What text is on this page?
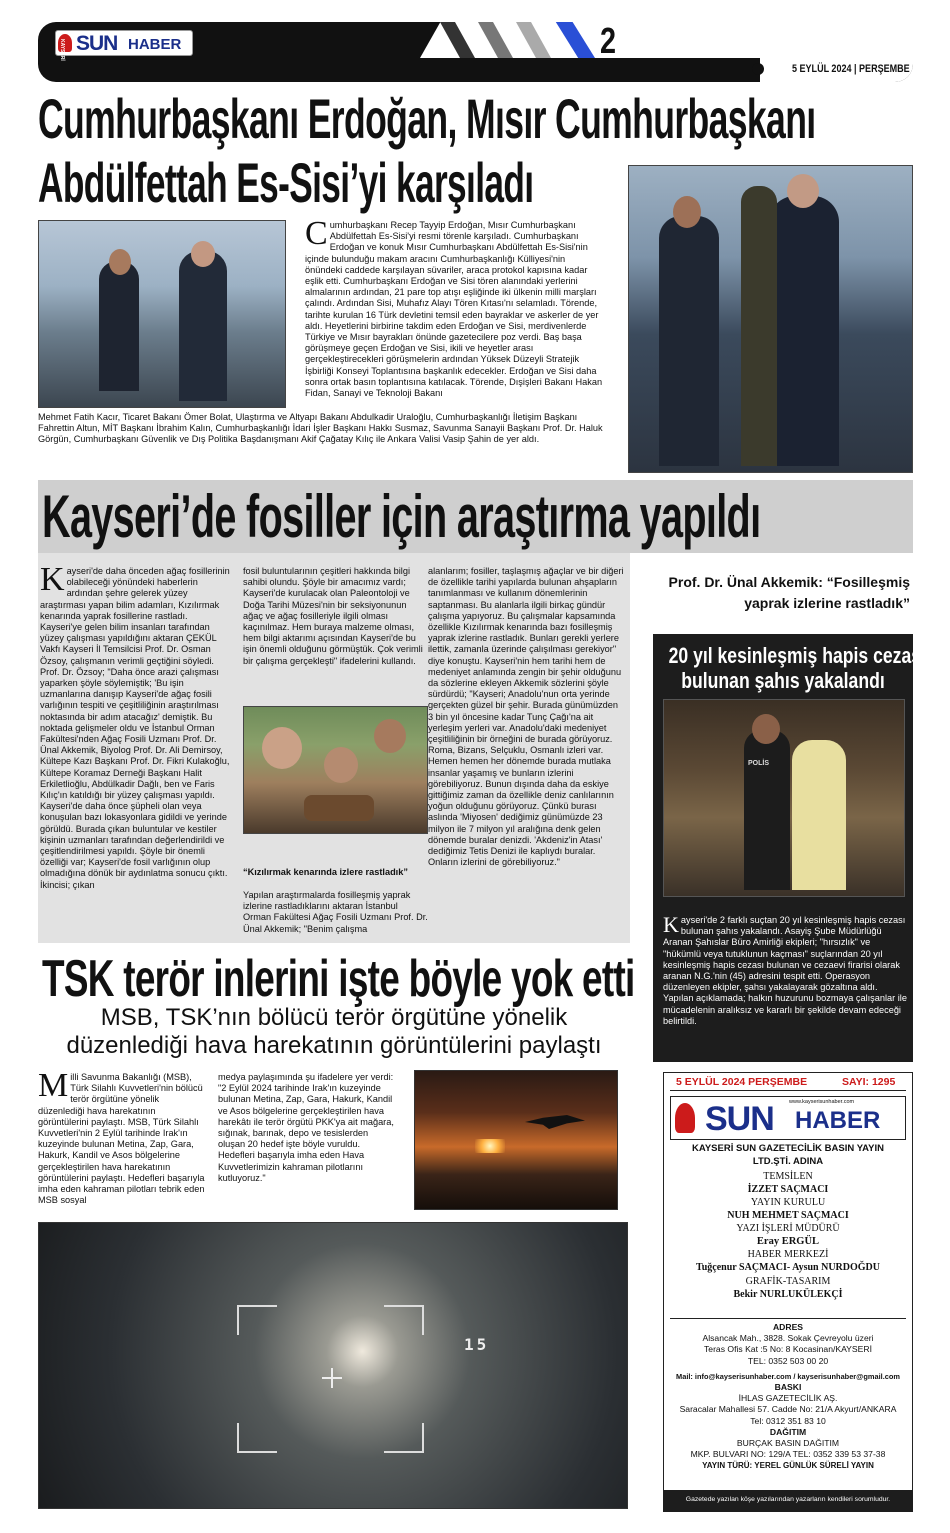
KAYSERİ SUN HABER	2
5 EYLÜL 2024 | PERŞEMBE
Cumhurbaşkanı Erdoğan, Mısır Cumhurbaşkanı
Abdülfettah Es-Sisi’yi karşıladı
C umhurbaşkanı Recep Tayyip Erdoğan, Mısır Cumhurbaşkanı Abdülfettah Es-Sisi'yi resmi törenle karşıladı. Cumhurbaşkanı Erdoğan ve konuk Mısır Cumhurbaşkanı Abdülfettah Es-Sisi'nin içinde bulunduğu makam aracını Cumhurbaşkanlığı Külliyesi'nin önündeki caddede karşılayan süvariler, araca protokol kapısına kadar eşlik etti. Cumhurbaşkanı Erdoğan ve Sisi tören alanındaki yerlerini almalarının ardından, 21 pare top atışı eşliğinde iki ülkenin milli marşları çalındı. Ardından Sisi, Muhafız Alayı Tören Kıtası'nı selamladı. Törende, tarihte kurulan 16 Türk devletini temsil eden bayraklar ve askerler de yer aldı. Heyetlerini birbirine takdim eden Erdoğan ve Sisi, merdivenlerde Türkiye ve Mısır bayrakları önünde gazetecilere poz verdi. Baş başa görüşmeye geçen Erdoğan ve Sisi, ikili ve heyetler arası gerçekleştirecekleri görüşmelerin ardından Yüksek Düzeyli Stratejik İşbirliği Konseyi Toplantısına başkanlık edecekler. Erdoğan ve Sisi daha sonra ortak basın toplantısına katılacak. Törende, Dışişleri Bakanı Hakan Fidan, Sanayi ve Teknoloji Bakanı
Mehmet Fatih Kacır, Ticaret Bakanı Ömer Bolat, Ulaştırma ve Altyapı Bakanı Abdulkadir Uraloğlu, Cumhurbaşkanlığı İletişim Başkanı Fahrettin Altun, MİT Başkanı İbrahim Kalın, Cumhurbaşkanlığı İdari İşler Başkanı Hakkı Susmaz, Savunma Sanayii Başkanı Prof. Dr. Haluk Görgün, Cumhurbaşkanı Güvenlik ve Dış Politika Başdanışmanı Akif Çağatay Kılıç ile Ankara Valisi Vasip Şahin de yer aldı.
Kayseri’de fosiller için araştırma yapıldı
K ayseri'de daha önceden ağaç fosillerinin olabileceği yönündeki haberlerin ardından şehre gelerek yüzey araştırması yapan bilim adamları, Kızılırmak kenarında yaprak fosillerine rastladı. Kayseri'ye gelen bilim insanları tarafından yüzey çalışması yapıldığını aktaran ÇEKÜL Vakfı Kayseri İl Temsilcisi Prof. Dr. Osman Özsoy, çalışmanın verimli geçtiğini söyledi. Prof. Dr. Özsoy; "Daha önce arazi çalışması yaparken şöyle söylemiştik; 'Bu işin uzmanlarına danışıp Kayseri'de ağaç fosili varlığının tespiti ve çeşitliliğinin araştırılması noktasında bir adım atacağız' demiştik. Bu noktada gelişmeler oldu ve İstanbul Orman Fakültesi'nden Ağaç Fosili Uzmanı Prof. Dr. Ünal Akkemik, Biyolog Prof. Dr. Ali Demirsoy, Kültepe Kazı Başkanı Prof. Dr. Fikri Kulakoğlu, Kültepe Koramaz Derneği Başkanı Halit Erkiletlioğlu, Abdülkadir Dağlı, ben ve Faris Kılıç'ın katıldığı bir yüzey çalışması yapıldı. Kayseri'de daha önce şüpheli olan veya konuşulan bazı lokasyonlara gidildi ve yerinde görüldü. Burada çıkan buluntular ve kestiler kişinin uzmanları tarafından değerlendirildi ve çeşitlendirilmesi yapıldı. Şöyle bir önemli özelliği var; Kayseri'de fosil varlığının olup olmadığına dönük bir aydınlatma sonucu çıktı. İkincisi; çıkan
fosil buluntularının çeşitleri hakkında bilgi sahibi olundu. Şöyle bir amacımız vardı; Kayseri'de kurulacak olan Paleontoloji ve Doğa Tarihi Müzesi'nin bir seksiyonunun ağaç ve ağaç fosilleriyle ilgili olması kaçınılmaz. Hem buraya malzeme olması, hem bilgi aktarımı açısından Kayseri'de bu işin önemli olduğunu görmüştük. Çok verimli bir çalışma gerçekleşti" ifadelerini kullandı.
“Kızılırmak kenarında izlere rastladık”
Yapılan araştırmalarda fosilleşmiş yaprak izlerine rastladıklarını aktaran İstanbul Orman Fakültesi Ağaç Fosili Uzmanı Prof. Dr. Ünal Akkemik; "Benim çalışma
alanlarım; fosiller, taşlaşmış ağaçlar ve bir diğeri de özellikle tarihi yapılarda bulunan ahşapların tanımlanması ve kullanım dönemlerinin saptanması. Bu alanlarla ilgili birkaç gündür çalışma yapıyoruz. Bu çalışmalar kapsamında özellikle Kızılırmak kenarında bazı fosilleşmiş yaprak izlerine rastladık. Bunları gerekli yerlere ilettik, zamanla üzerinde çalışılması gerekiyor" diye konuştu. Kayseri'nin hem tarihi hem de medeniyet anlamında zengin bir şehir olduğunu da sözlerine ekleyen Akkemik sözlerini şöyle sürdürdü; "Kayseri; Anadolu'nun orta yerinde gerçekten güzel bir şehir. Burada günümüzden 3 bin yıl öncesine kadar Tunç Çağı'na ait yerleşim yerleri var. Anadolu'daki medeniyet çeşitliliğinin bir örneğini de burada görüyoruz. Roma, Bizans, Selçuklu, Osmanlı izleri var. Hemen hemen her dönemde burada mutlaka insanlar yaşamış ve bunların izlerini görebiliyoruz. Bunun dışında daha da eskiye gittiğimiz zaman da özellikle deniz canlılarının yoğun olduğunu görüyoruz. Çünkü burası aslında 'Miyosen' dediğimiz günümüzde 23 milyon ile 7 milyon yıl aralığına denk gelen dönemde buralar denizdi. 'Akdeniz'in Atası' dediğimiz Tetis Denizi ile kaplıydı buralar. Onların izlerini de görebiliyoruz."
Prof. Dr. Ünal Akkemik: “Fosilleşmiş yaprak izlerine rastladık”
20 yıl kesinleşmiş hapis cezası
bulunan şahıs yakalandı
POLİS
K ayseri'de 2 farklı suçtan 20 yıl kesinleşmiş hapis cezası bulunan şahıs yakalandı. Asayiş Şube Müdürlüğü Aranan Şahıslar Büro Amirliği ekipleri; "hırsızlık" ve "hükümlü veya tutuklunun kaçması" suçlarından 20 yıl kesinleşmiş hapis cezası bulunan ve cezaevi firarisi olarak aranan N.G.'nin (45) adresini tespit etti. Operasyon düzenleyen ekipler, şahsı yakalayarak gözaltına aldı. Yapılan açıklamada; halkın huzurunu bozmaya çalışanlar ile mücadelenin aralıksız ve kararlı bir şekilde devam edeceği belirtildi.
TSK terör inlerini işte böyle yok etti
MSB, TSK’nın bölücü terör örgütüne yönelik
düzenlediği hava harekatının görüntülerini paylaştı
M illi Savunma Bakanlığı (MSB), Türk Silahlı Kuvvetleri'nin bölücü terör örgütüne yönelik düzenlediği hava harekatının görüntülerini paylaştı. MSB, Türk Silahlı Kuvvetleri'nin 2 Eylül tarihinde Irak'ın kuzeyinde bulunan Metina, Zap, Gara, Hakurk, Kandil ve Asos bölgelerine gerçekleştirilen hava harekatının görüntülerini paylaştı. Hedefleri başarıyla imha eden kahraman pilotları tebrik eden MSB sosyal
medya paylaşımında şu ifadelere yer verdi: "2 Eylül 2024 tarihinde Irak'ın kuzeyinde bulunan Metina, Zap, Gara, Hakurk, Kandil ve Asos bölgelerine gerçekleştirilen hava harekâtı ile terör örgütü PKK'ya ait mağara, sığınak, barınak, depo ve tesislerden oluşan 20 hedef işte böyle vuruldu. Hedefleri başarıyla imha eden Hava Kuvvetlerimizin kahraman pilotlarını kutluyoruz."
15
5 EYLÜL 2024 PERŞEMBE	SAYI: 1295
www.kayserisunhaber.com
SUN HABER
KAYSERİ SUN GAZETECİLİK BASIN YAYIN LTD.ŞTİ. ADINA
TEMSİLEN
İZZET SAÇMACI
YAYIN KURULU
NUH MEHMET SAÇMACI
YAZI İŞLERİ MÜDÜRÜ
Eray ERGÜL
HABER MERKEZİ
Tuğçenur SAÇMACI- Aysun NURDOĞDU
GRAFİK-TASARIM
Bekir NURLUKÜLEKÇİ
ADRES
Alsancak Mah., 3828. Sokak Çevreyolu üzeri
Teras Ofis Kat :5 No: 8 Kocasinan/KAYSERİ
TEL: 0352 503 00 20
Mail: info@kayserisunhaber.com / kayserisunhaber@gmail.com
BASKI
İHLAS GAZETECİLİK AŞ.
Saracalar Mahallesi 57. Cadde No: 21/A Akyurt/ANKARA
Tel: 0312 351 83 10
DAĞITIM
BURÇAK BASIN DAĞITIM
MKP. BULVARI NO: 129/A TEL: 0352 339 53 37-38
YAYIN TÜRÜ: YEREL GÜNLÜK SÜRELİ YAYIN
Gazetede yazılan köşe yazılarından yazarların kendileri sorumludur.
